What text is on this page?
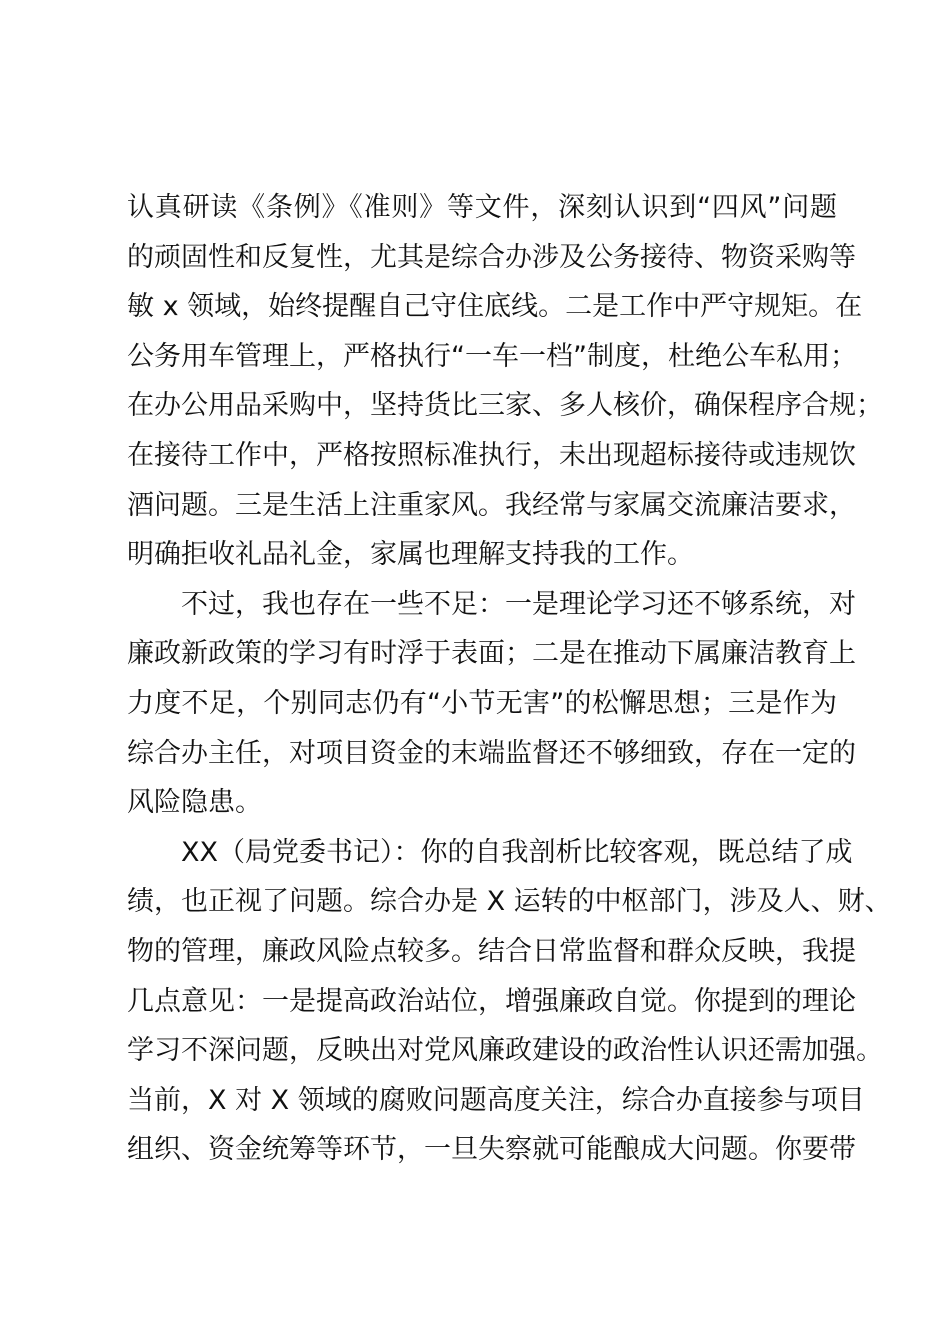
认真研读《条例》《准则》等文件，深刻认识到“四风”问题
的顽固性和反复性，尤其是综合办涉及公务接待、物资采购等
敏 x 领域，始终提醒自己守住底线。二是工作中严守规矩。在
公务用车管理上，严格执行“一车一档”制度，杜绝公车私用；
在办公用品采购中，坚持货比三家、多人核价，确保程序合规；
在接待工作中，严格按照标准执行，未出现超标接待或违规饮
酒问题。三是生活上注重家风。我经常与家属交流廉洁要求，
明确拒收礼品礼金，家属也理解支持我的工作。
不过，我也存在一些不足：一是理论学习还不够系统，对
廉政新政策的学习有时浮于表面；二是在推动下属廉洁教育上
力度不足，个别同志仍有“小节无害”的松懈思想；三是作为
综合办主任，对项目资金的末端监督还不够细致，存在一定的
风险隐患。
XX（局党委书记）：你的自我剖析比较客观，既总结了成
绩，也正视了问题。综合办是 X 运转的中枢部门，涉及人、财、
物的管理，廉政风险点较多。结合日常监督和群众反映，我提
几点意见：一是提高政治站位，增强廉政自觉。你提到的理论
学习不深问题，反映出对党风廉政建设的政治性认识还需加强。
当前，X 对 X 领域的腐败问题高度关注，综合办直接参与项目
组织、资金统筹等环节，一旦失察就可能酿成大问题。你要带
